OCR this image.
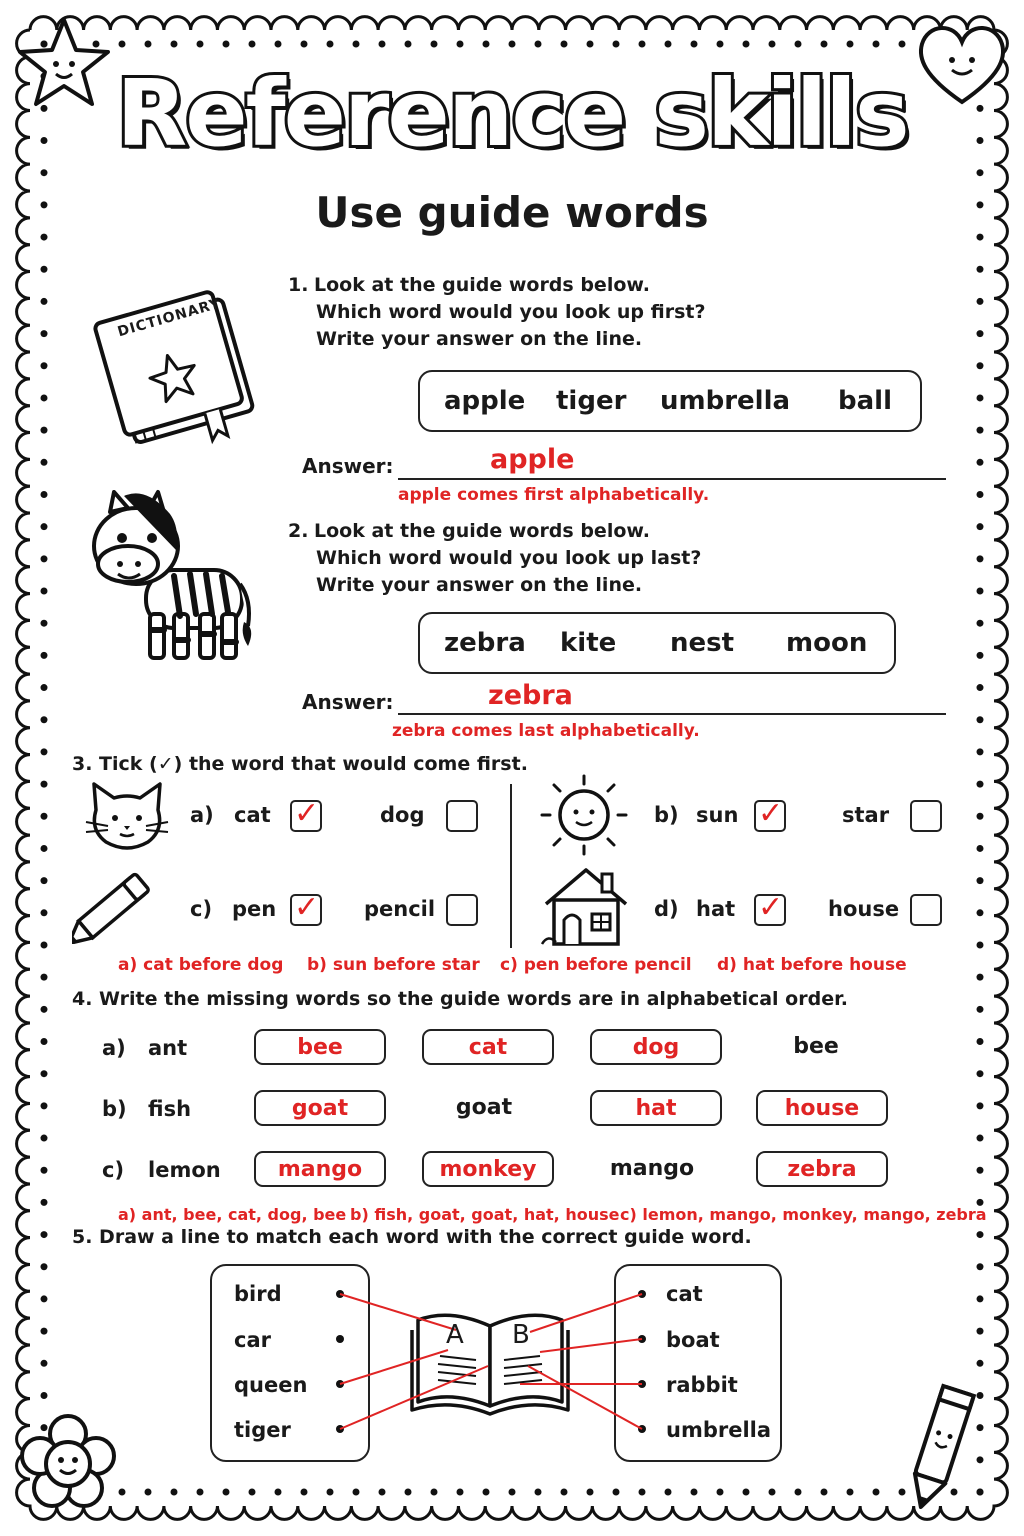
Reference skills
Use guide words
DICTIONARY
1. Look at the guide words below.
Which word would you look up first?
Write your answer on the line.
apple tiger umbrella ball
Answer:	apple
apple comes first alphabetically.
2. Look at the guide words below.
Which word would you look up last?
Write your answer on the line.
zebra kite nest moon
Answer:	zebra
zebra comes last alphabetically.
3. Tick (✓) the word that would come first.
a) cat ✓	dog	b) sun ✓	star
c) pen ✓ pencil	d) hat ✓ house
a) cat before dog b) sun before star c) pen before pencil d) hat before house
4. Write the missing words so the guide words are in alphabetical order.
a) ant	bee	cat	dog	bee
b) fish	goat	goat	hat	house
c) lemon	mango	monkey	mango	zebra
a) ant, bee, cat, dog, bee b) fish, goat, goat, hat, house c) lemon, mango, monkey, mango, zebra
5. Draw a line to match each word with the correct guide word.
bird
car
queen
tiger
cat
boat
rabbit
umbrella
A B
